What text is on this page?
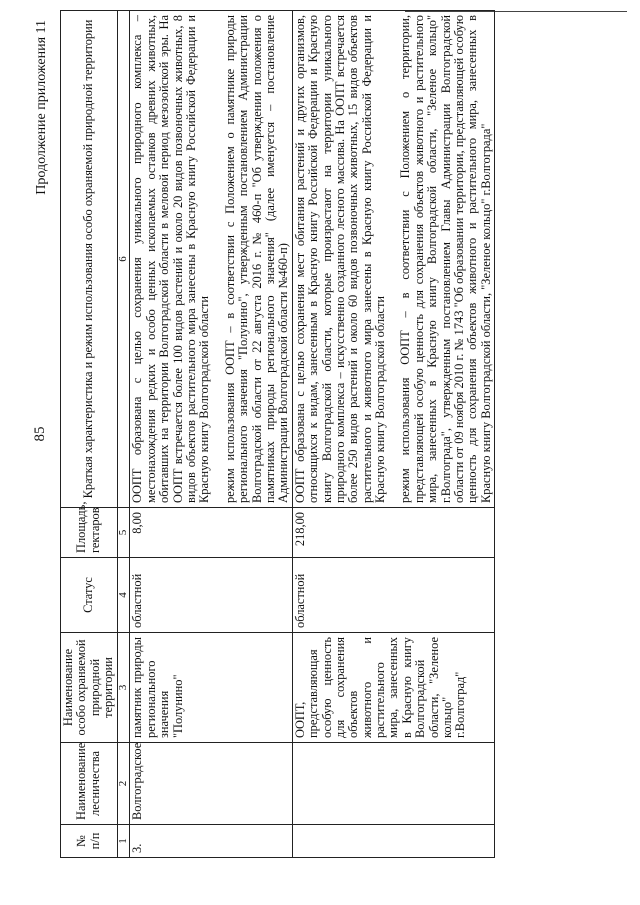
85
Продолжение приложения 11
№ п/п	Наименование лесничества	Наименование особо охраняемой природной территории	Статус	Площадь, гектаров	Краткая характеристика и режим использования особо охраняемой природной территории
1	2	3	4	5	6
3.	Волгоградское	памятник природы регионального значения "Полунино"	областной	8,00	ООПТ образована с целью сохранения уникального природного комплекса – местонахождения редких и особо ценных ископаемых останков древних животных, обитавших на территории Волгоградской области в меловой период мезозойской эры. На ООПТ встречается более 100 видов растений и около 20 видов позвоночных животных, 8 видов объектов растительного мира занесены в Красную книгу Российской Федерации и Красную книгу Волгоградской области режим использования ООПТ – в соответствии с Положением о памятнике природы регионального значения "Полунино", утвержденным постановлением Администрации Волгоградской области от 22 августа 2016 г. № 460-п "Об утверждении положения о памятниках природы регионального значения" (далее именуется – постановление Администрации Волгоградской области №460-п)

		ООПТ, представляющая особую ценность для сохранения объектов животного и растительного мира, занесенных в Красную книгу Волгоградской области, "Зеленое кольцо" г.Волгоград"	областной	218,00	ООПТ образована с целью сохранения мест обитания растений и других организмов, относящихся к видам, занесенным в Красную книгу Российской Федерации и Красную книгу Волгоградской области, которые произрастают на территории уникального природного комплекса – искусственно созданного лесного массива. На ООПТ встречается более 250 видов растений и около 60 видов позвоночных животных, 15 видов объектов растительного и животного мира занесены в Красную книгу Российской Федерации и Красную книгу Волгоградской области режим использования ООПТ – в соответствии с Положением о территории, представляющей особую ценность для сохранения объектов животного и растительного мира, занесенных в Красную книгу Волгоградской области, "Зеленое кольцо" г.Волгограда", утвержденным постановлением Главы Администрации Волгоградской области от 09 ноября 2010 г. № 1743 "Об образовании территории, представляющей особую ценность для сохранения объектов животного и растительного мира, занесенных в Красную книгу Волгоградской области, "Зеленое кольцо" г.Волгограда"
